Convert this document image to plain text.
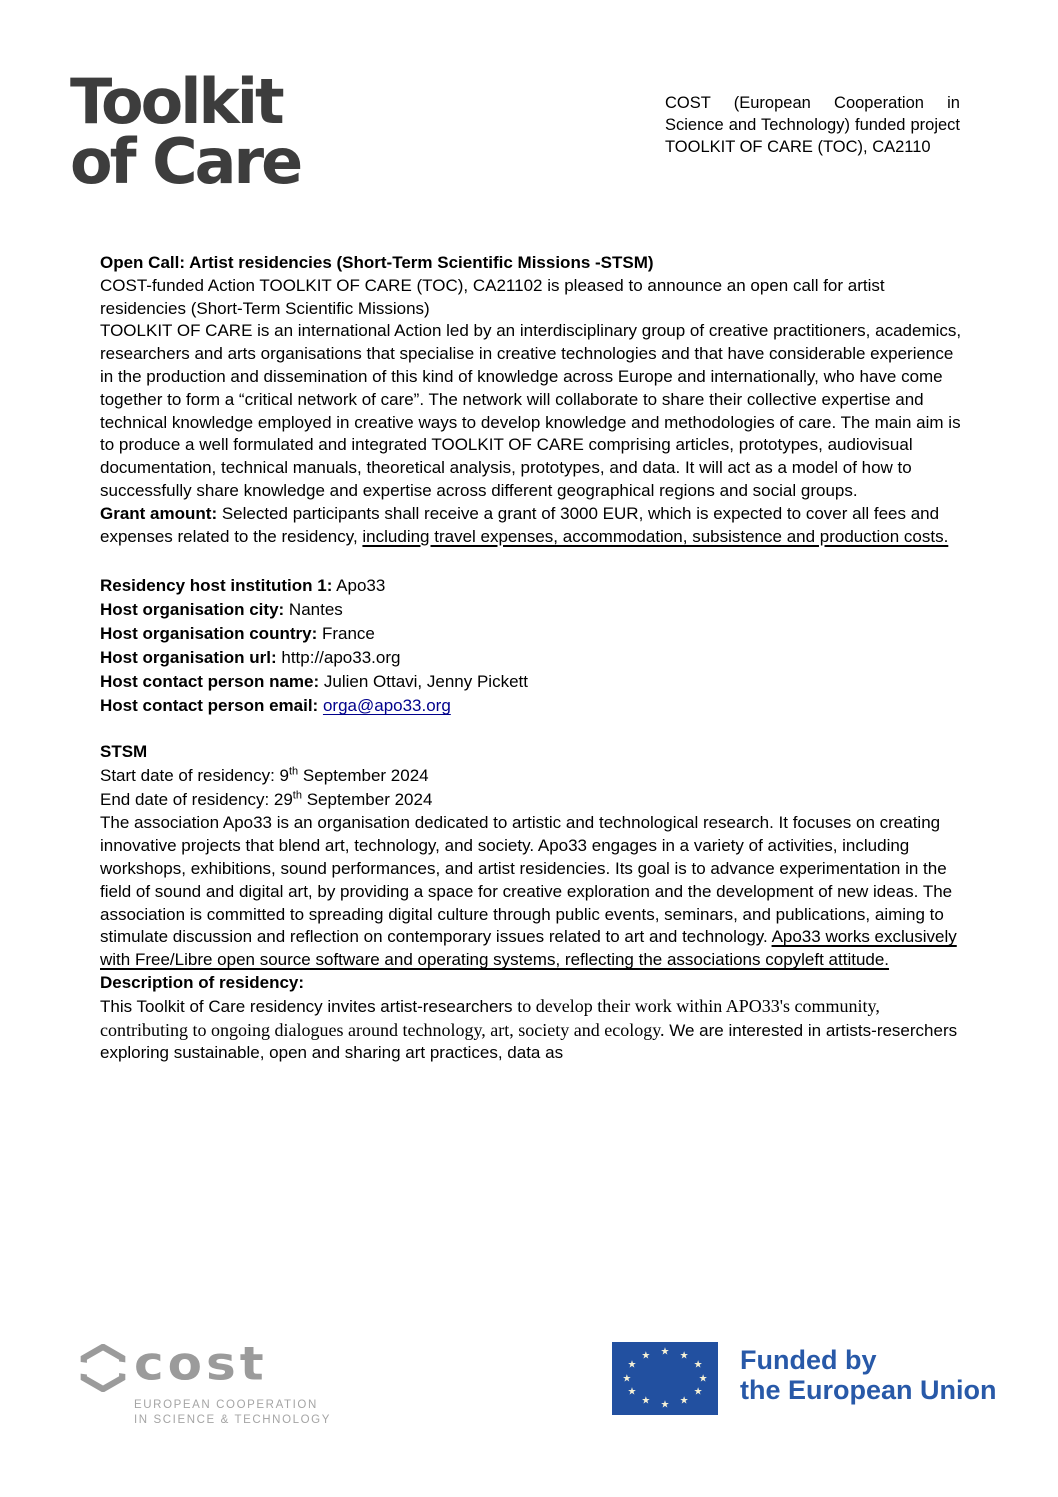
Toolkit
of Care
COST (European Cooperation in Science and Technology) funded project TOOLKIT OF CARE (TOC), CA2110

Open Call: Artist residencies (Short-Term Scientific Missions -STSM)

COST-funded Action TOOLKIT OF CARE (TOC), CA21102 is pleased to announce an open call for artist residencies (Short-Term Scientific Missions)

TOOLKIT OF CARE is an international Action led by an interdisciplinary group of creative practitioners, academics, researchers and arts organisations that specialise in creative technologies and that have considerable experience in the production and dissemination of this kind of knowledge across Europe and internationally, who have come together to form a “critical network of care”. The network will collaborate to share their collective expertise and technical knowledge employed in creative ways to develop knowledge and methodologies of care. The main aim is to produce a well formulated and integrated TOOLKIT OF CARE comprising articles, prototypes, audiovisual documentation, technical manuals, theoretical analysis, prototypes, and data. It will act as a model of how to successfully share knowledge and expertise across different geographical regions and social groups.

Grant amount: Selected participants shall receive a grant of 3000 EUR, which is expected to cover all fees and expenses related to the residency, including travel expenses, accommodation, subsistence and production costs.

Residency host institution 1: Apo33
Host organisation city: Nantes
Host organisation country: France
Host organisation url: http://apo33.org
Host contact person name: Julien Ottavi, Jenny Pickett
Host contact person email: orga@apo33.org
STSM
Start date of residency: 9th September 2024
End date of residency: 29th September 2024

The association Apo33 is an organisation dedicated to artistic and technological research. It focuses on creating innovative projects that blend art, technology, and society. Apo33 engages in a variety of activities, including workshops, exhibitions, sound performances, and artist residencies. Its goal is to advance experimentation in the field of sound and digital art, by providing a space for creative exploration and the development of new ideas. The association is committed to spreading digital culture through public events, seminars, and publications, aiming to stimulate discussion and reflection on contemporary issues related to art and technology. Apo33 works exclusively with Free/Libre open source software and operating systems, reflecting the associations copyleft attitude.

Description of residency:

This Toolkit of Care residency invites artist-researchers to develop their work within APO33's community, contributing to ongoing dialogues around technology, art, society and ecology. We are interested in artists-reserchers exploring sustainable, open and sharing art practices, data as

cost
EUROPEAN COOPERATION
IN SCIENCE & TECHNOLOGY
★ ★
★
★
★
★
★
★
★
★
★
★	Funded by
the European Union
